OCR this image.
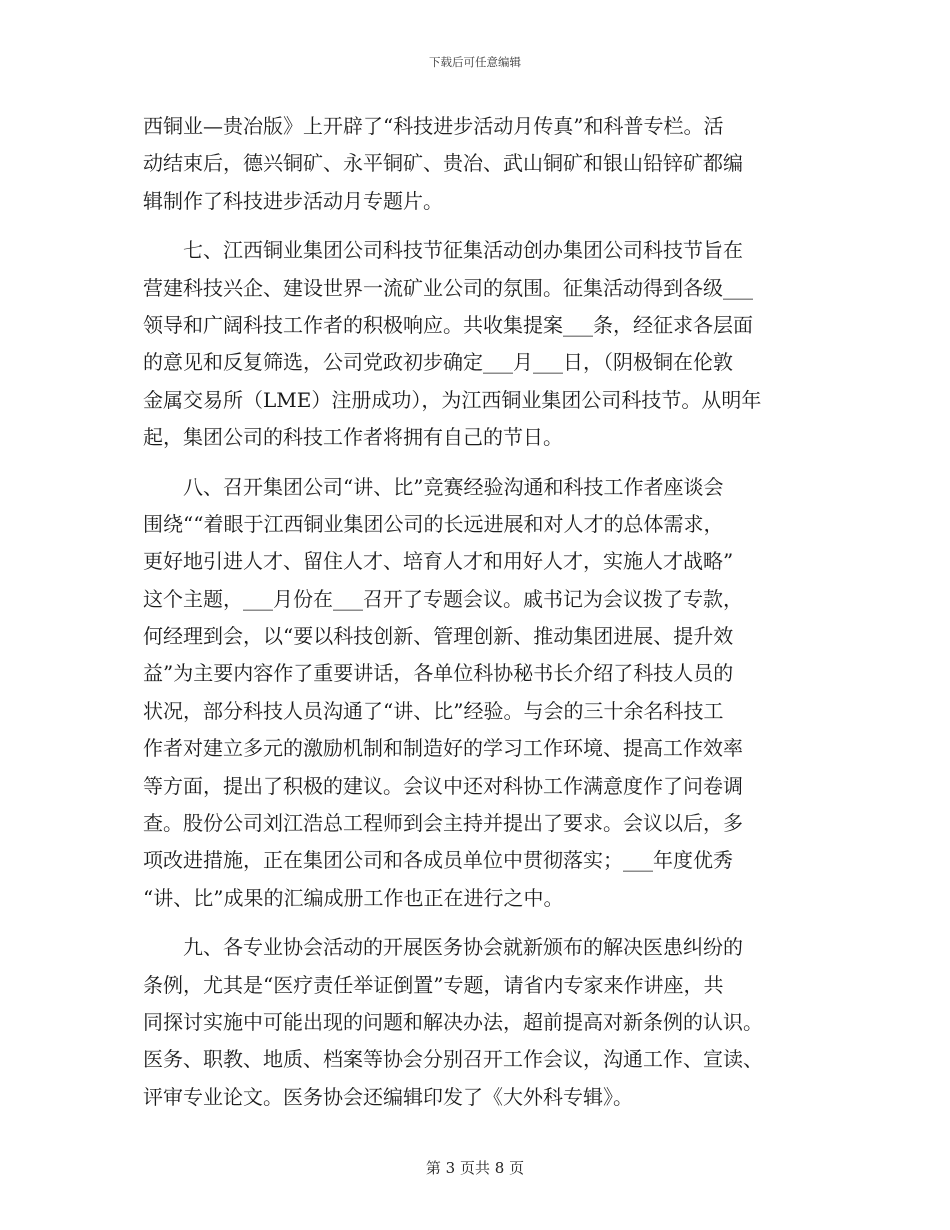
下载后可任意编辑
西铜业—贵冶版》上开辟了“科技进步活动月传真”和科普专栏。活
动结束后，德兴铜矿、永平铜矿、贵冶、武山铜矿和银山铅锌矿都编
辑制作了科技进步活动月专题片。
　　七、江西铜业集团公司科技节征集活动创办集团公司科技节旨在
营建科技兴企、建设世界一流矿业公司的氛围。征集活动得到各级___
领导和广阔科技工作者的积极响应。共收集提案___条，经征求各层面
的意见和反复筛选，公司党政初步确定___月___日，（阴极铜在伦敦
金属交易所（LME）注册成功），为江西铜业集团公司科技节。从明年
起，集团公司的科技工作者将拥有自己的节日。
　　八、召开集团公司“讲、比”竞赛经验沟通和科技工作者座谈会
围绕““着眼于江西铜业集团公司的长远进展和对人才的总体需求，
更好地引进人才、留住人才、培育人才和用好人才，实施人才战略”
这个主题，___月份在___召开了专题会议。戚书记为会议拨了专款，
何经理到会，以“要以科技创新、管理创新、推动集团进展、提升效
益”为主要内容作了重要讲话，各单位科协秘书长介绍了科技人员的
状况，部分科技人员沟通了“讲、比”经验。与会的三十余名科技工
作者对建立多元的激励机制和制造好的学习工作环境、提高工作效率
等方面，提出了积极的建议。会议中还对科协工作满意度作了问卷调
查。股份公司刘江浩总工程师到会主持并提出了要求。会议以后，多
项改进措施，正在集团公司和各成员单位中贯彻落实；___年度优秀
“讲、比”成果的汇编成册工作也正在进行之中。
　　九、各专业协会活动的开展医务协会就新颁布的解决医患纠纷的
条例，尤其是“医疗责任举证倒置”专题，请省内专家来作讲座，共
同探讨实施中可能出现的问题和解决办法，超前提高对新条例的认识。
医务、职教、地质、档案等协会分别召开工作会议，沟通工作、宣读、
评审专业论文。医务协会还编辑印发了《大外科专辑》。
第 3 页共 8 页
